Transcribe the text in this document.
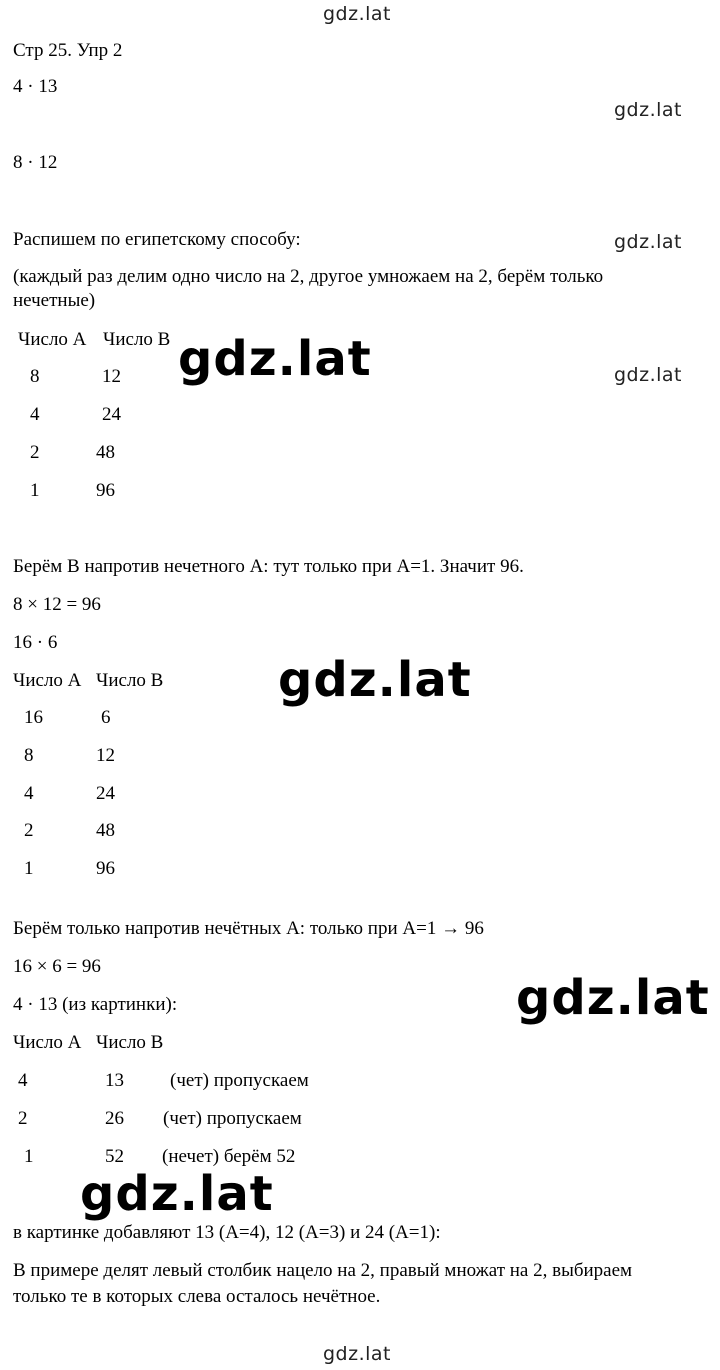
gdz.lat
gdz.lat
gdz.lat
gdz.lat
gdz.lat
gdz.lat
gdz.lat
gdz.lat
gdz.lat
Стр 25. Упр 2
4 · 13
8 · 12
Распишем по египетскому способу:
(каждый раз делим одно число на 2, другое умножаем на 2, берём только
нечетные)
Число А Число В
8	12
4	24
2	48
1	96
Берём В напротив нечетного А: тут только при А=1. Значит 96.
8 × 12 = 96
16 · 6
Число А Число В
16	6
8	12
4	24
2	48
1	96
Берём только напротив нечётных А: только при А=1 → 96
16 × 6 = 96
4 · 13 (из картинки):
Число А Число В
4	13 (чет) пропускаем
2	26 (чет) пропускаем
1	52 (нечет) берём 52
в картинке добавляют 13 (А=4), 12 (А=3) и 24 (А=1):
В примере делят левый столбик нацело на 2, правый множат на 2, выбираем
только те в которых слева осталось нечётное.
